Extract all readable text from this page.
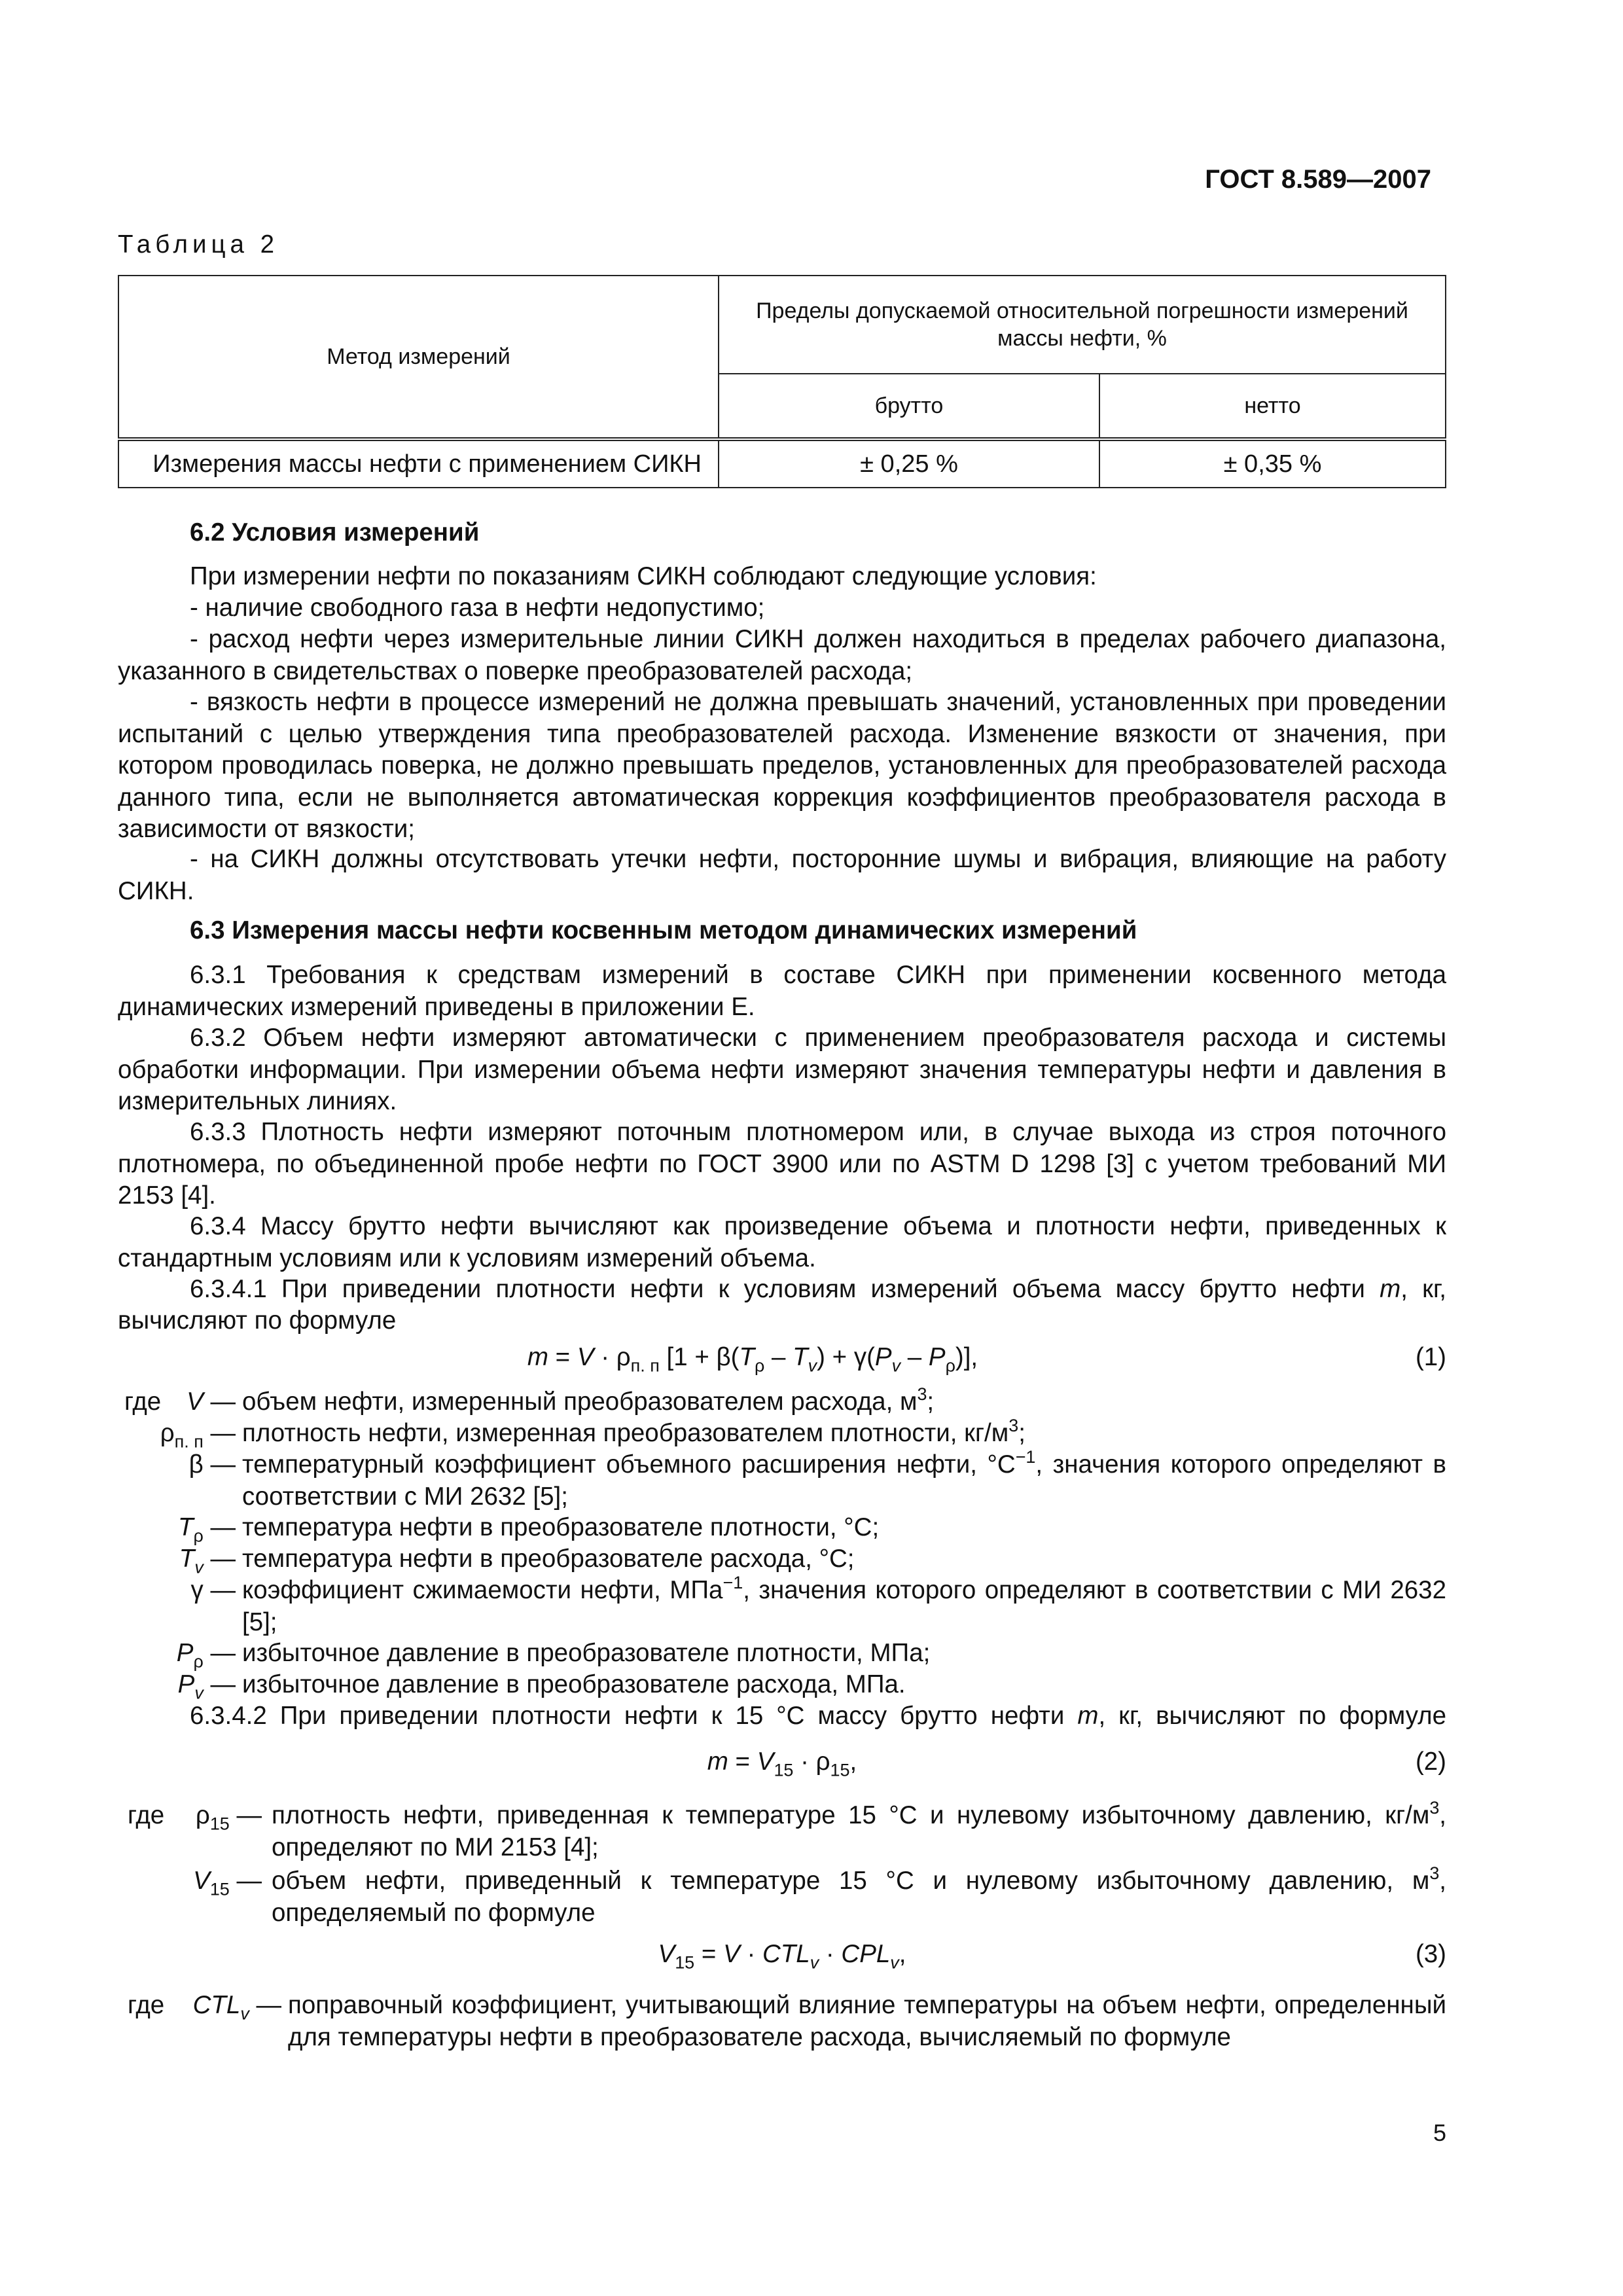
ГОСТ 8.589—2007
Таблица 2
Метод измерений	Пределы допускаемой относительной погрешности измерений массы нефти, %	
	брутто	нетто
Измерения массы нефти с применением СИКН	± 0,25 %	± 0,35 %
6.2 Условия измерений
При измерении нефти по показаниям СИКН соблюдают следующие условия:
- наличие свободного газа в нефти недопустимо;
- расход нефти через измерительные линии СИКН должен находиться в пределах рабочего диапазона, указанного в свидетельствах о поверке преобразователей расхода;
- вязкость нефти в процессе измерений не должна превышать значений, установленных при проведении испытаний с целью утверждения типа преобразователей расхода. Изменение вязкости от значения, при котором проводилась поверка, не должно превышать пределов, установленных для преобразователей расхода данного типа, если не выполняется автоматическая коррекция коэффициентов преобразователя расхода в зависимости от вязкости;
- на СИКН должны отсутствовать утечки нефти, посторонние шумы и вибрация, влияющие на работу СИКН.
6.3 Измерения массы нефти косвенным методом динамических измерений
6.3.1 Требования к средствам измерений в составе СИКН при применении косвенного метода динамических измерений приведены в приложении Е.
6.3.2 Объем нефти измеряют автоматически с применением преобразователя расхода и системы обработки информации. При измерении объема нефти измеряют значения температуры нефти и давления в измерительных линиях.
6.3.3 Плотность нефти измеряют поточным плотномером или, в случае выхода из строя поточного плотномера, по объединенной пробе нефти по ГОСТ 3900 или по ASTM D 1298 [3] с учетом требований МИ 2153 [4].
6.3.4 Массу брутто нефти вычисляют как произведение объема и плотности нефти, приведенных к стандартным условиям или к условиям измерений объема.
6.3.4.1 При приведении плотности нефти к условиям измерений объема массу брутто нефти m, кг,
вычисляют по формуле
$m = V \cdot \rho_{п. п}$ $[1 + \beta(T_\rho - T_v) + \gamma(P_v - P_\rho)]$,	(1)
где	V — объем нефти, измеренный преобразователем расхода, $м^3$;
$\rho_{п. п}$ — плотность нефти, измеренная преобразователем плотности, $кг/м^3$;
β — температурный коэффициент объемного расширения нефти, $^\circ С^{-1}$, значения которого определяют в соответствии с МИ 2632 [5];
$T_\rho$ — температура нефти в преобразователе плотности, °С;
$T_v$ — температура нефти в преобразователе расхода, °С;
γ — коэффициент сжимаемости нефти, МПа$^{-1}$, значения которого определяют в соответствии с МИ 2632 [5];
$P_\rho$ — избыточное давление в преобразователе плотности, МПа;
$P_v$ — избыточное давление в преобразователе расхода, МПа.
6.3.4.2 При приведении плотности нефти к 15 °С массу брутто нефти m, кг, вычисляют по формуле
$m = V_{15} \cdot \rho_{15}$,	(2)
где	$\rho_{15}$ — плотность нефти, приведенная к температуре 15 °С и нулевому избыточному давлению, $кг/м^3$, определяют по МИ 2153 [4];
$V_{15}$ — объем нефти, приведенный к температуре 15 °С и нулевому избыточному давлению, $м^3$, определяемый по формуле
$V_{15} = V \cdot CTL_v \cdot CPL_v$,	(3)
где	$CTL_v$ — поправочный коэффициент, учитывающий влияние температуры на объем нефти, определенный для температуры нефти в преобразователе расхода, вычисляемый по формуле
5
